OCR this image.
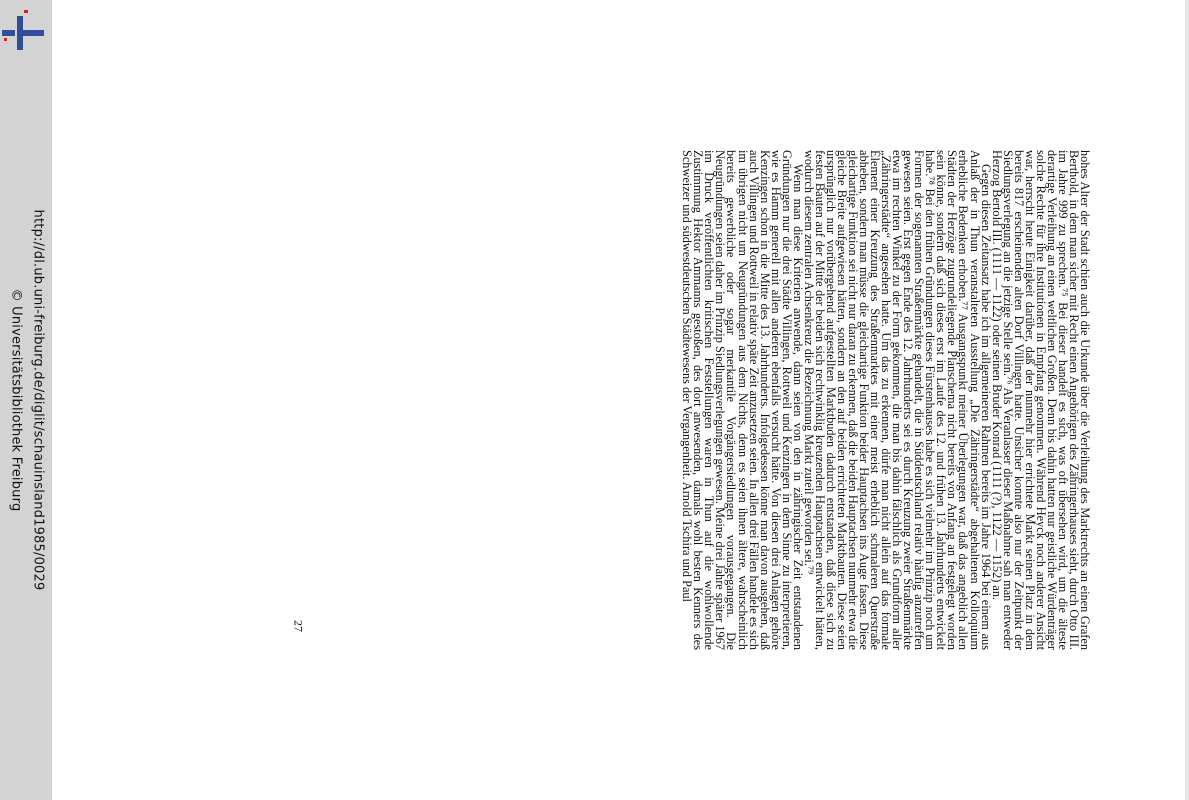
http://dl.ub.uni-freiburg.de/diglit/schauinsland1985/0029
© Universitätsbibliothek Freiburg	hohes Alter der Stadt schien auch die Urkunde über die Verleihung des Marktrechts an einen Grafen Berthold, in dem man sicher mit Recht einen Angehörigen des Zähringerhauses sieht, durch Otto III. im Jahre 999 zu sprechen.⁷⁵ Bei dieser handelt es sich, was oft übersehen wird, um die älteste derartige Verleihung an einen weltlichen Großen. Denn bis dahin hatten nur geistliche Würdenträger solche Rechte für ihre Institutionen in Empfang genommen. Während Heyck noch anderer Ansicht war, herrscht heute Einigkeit darüber, daß der nunmehr hier errichtete Markt seinen Platz in dem bereits 817 erscheinenden alten Dorf Villingen hatte. Unsicher konnte also nur der Zeitpunkt der Siedlungsverlegung an die jetzige Stelle sein.⁷⁶ Als Veranlasser dieser Maßnahme sah man entweder Herzog Bertold III. (1111 — 1122) oder seinen Bruder Konrad (1111 (?), 1122 — 1152) an.

Gegen diesen Zeitansatz habe ich im allgemeineren Rahmen bereits im Jahre 1964 bei einem aus Anlaß der in Thun veranstalteten Ausstellung „Die Zähringerstädte“ abgehaltenen Kolloquium erhebliche Bedenken erhoben.⁷⁷ Ausgangspunkt meiner Überlegungen war, daß das angeblich allen Städten der Herzöge zugrundeliegende Planschema nicht bereits von Anfang an festgelegt worden sein könne, sondern daß sich dieses erst im Laufe des 12. und frühen 13. Jahrhunderts entwickelt habe.⁷⁸ Bei den frühen Gründungen dieses Fürstenhauses habe es sich vielmehr im Prinzip noch um Formen der sogenannten Straßenmärkte gehandelt, die in Süddeutschland relativ häufig anzutreffen gewesen seien. Erst gegen Ende des 12. Jahrhunderts sei es durch Kreuzung zweier Straßenmärkte etwa im rechten Winkel zu der Form gekommen, die man bis dahin fälschlich als Grundform aller „Zähringerstädte“ angesehen hatte. Um das zu erkennen, dürfe man nicht allein auf das formale Element einer Kreuzung des Straßenmarktes mit einer meist erheblich schmaleren Querstraße abheben, sondern man müsse die gleichartige Funktion beider Hauptachsen ins Auge fassen. Diese gleichartige Funktion sei nicht nur daran zu erkennen, daß die beiden Hauptachsen nunmehr etwa die gleiche Breite aufgewiesen hätten, sondern an den auf beiden errichteten Marktbauten. Diese seien ursprünglich nur vorübergehend aufgestellten Marktbuden dadurch entstanden, daß diese sich zu festen Bauten auf der Mitte der beiden sich rechtwinklig kreuzenden Hauptachsen entwickelt hätten, wodurch diesem zentralen Achsenkreuz die Bezeichnung Markt zuteil geworden sei.⁷⁹

Wenn man diese Kriterien anwende, dann seien von den in zähringischer Zeit entstandenen Gründungen nur die drei Städte Villingen, Rottweil und Kenzingen in dem Sinne zu interpretieren, wie es Hamm generell mit allen anderen ebenfalls versucht hätte. Von diesen drei Anlagen gehöre Kenzingen schon in die Mitte des 13. Jahrhunderts. Infolgedessen könne man davon ausgehen, daß auch Villingen und Rottweil in relativ späte Zeit anzusetzen seien. In allen drei Fällen handele es sich im übrigen nicht um Neugründungen aus dem Nichts, denn es seien ihnen ältere, wahrscheinlich bereits gewerbliche oder sogar merkantile Vorgängersiedlungen vorausgegangen. Die Neugründungen seien daher im Prinzip Siedlungsverlegungen gewesen. Meine drei Jahre später 1967 im Druck veröffentlichten kritischen Feststellungen waren in Thun auf die wohlwollende Zustimmung Hektor Ammanns gestoßen, des dort anwesenden, damals wohl besten Kenners des Schweizer und südwestdeutschen Städtewesens der Vergangenheit. Arnold Tschira und Paul

27
